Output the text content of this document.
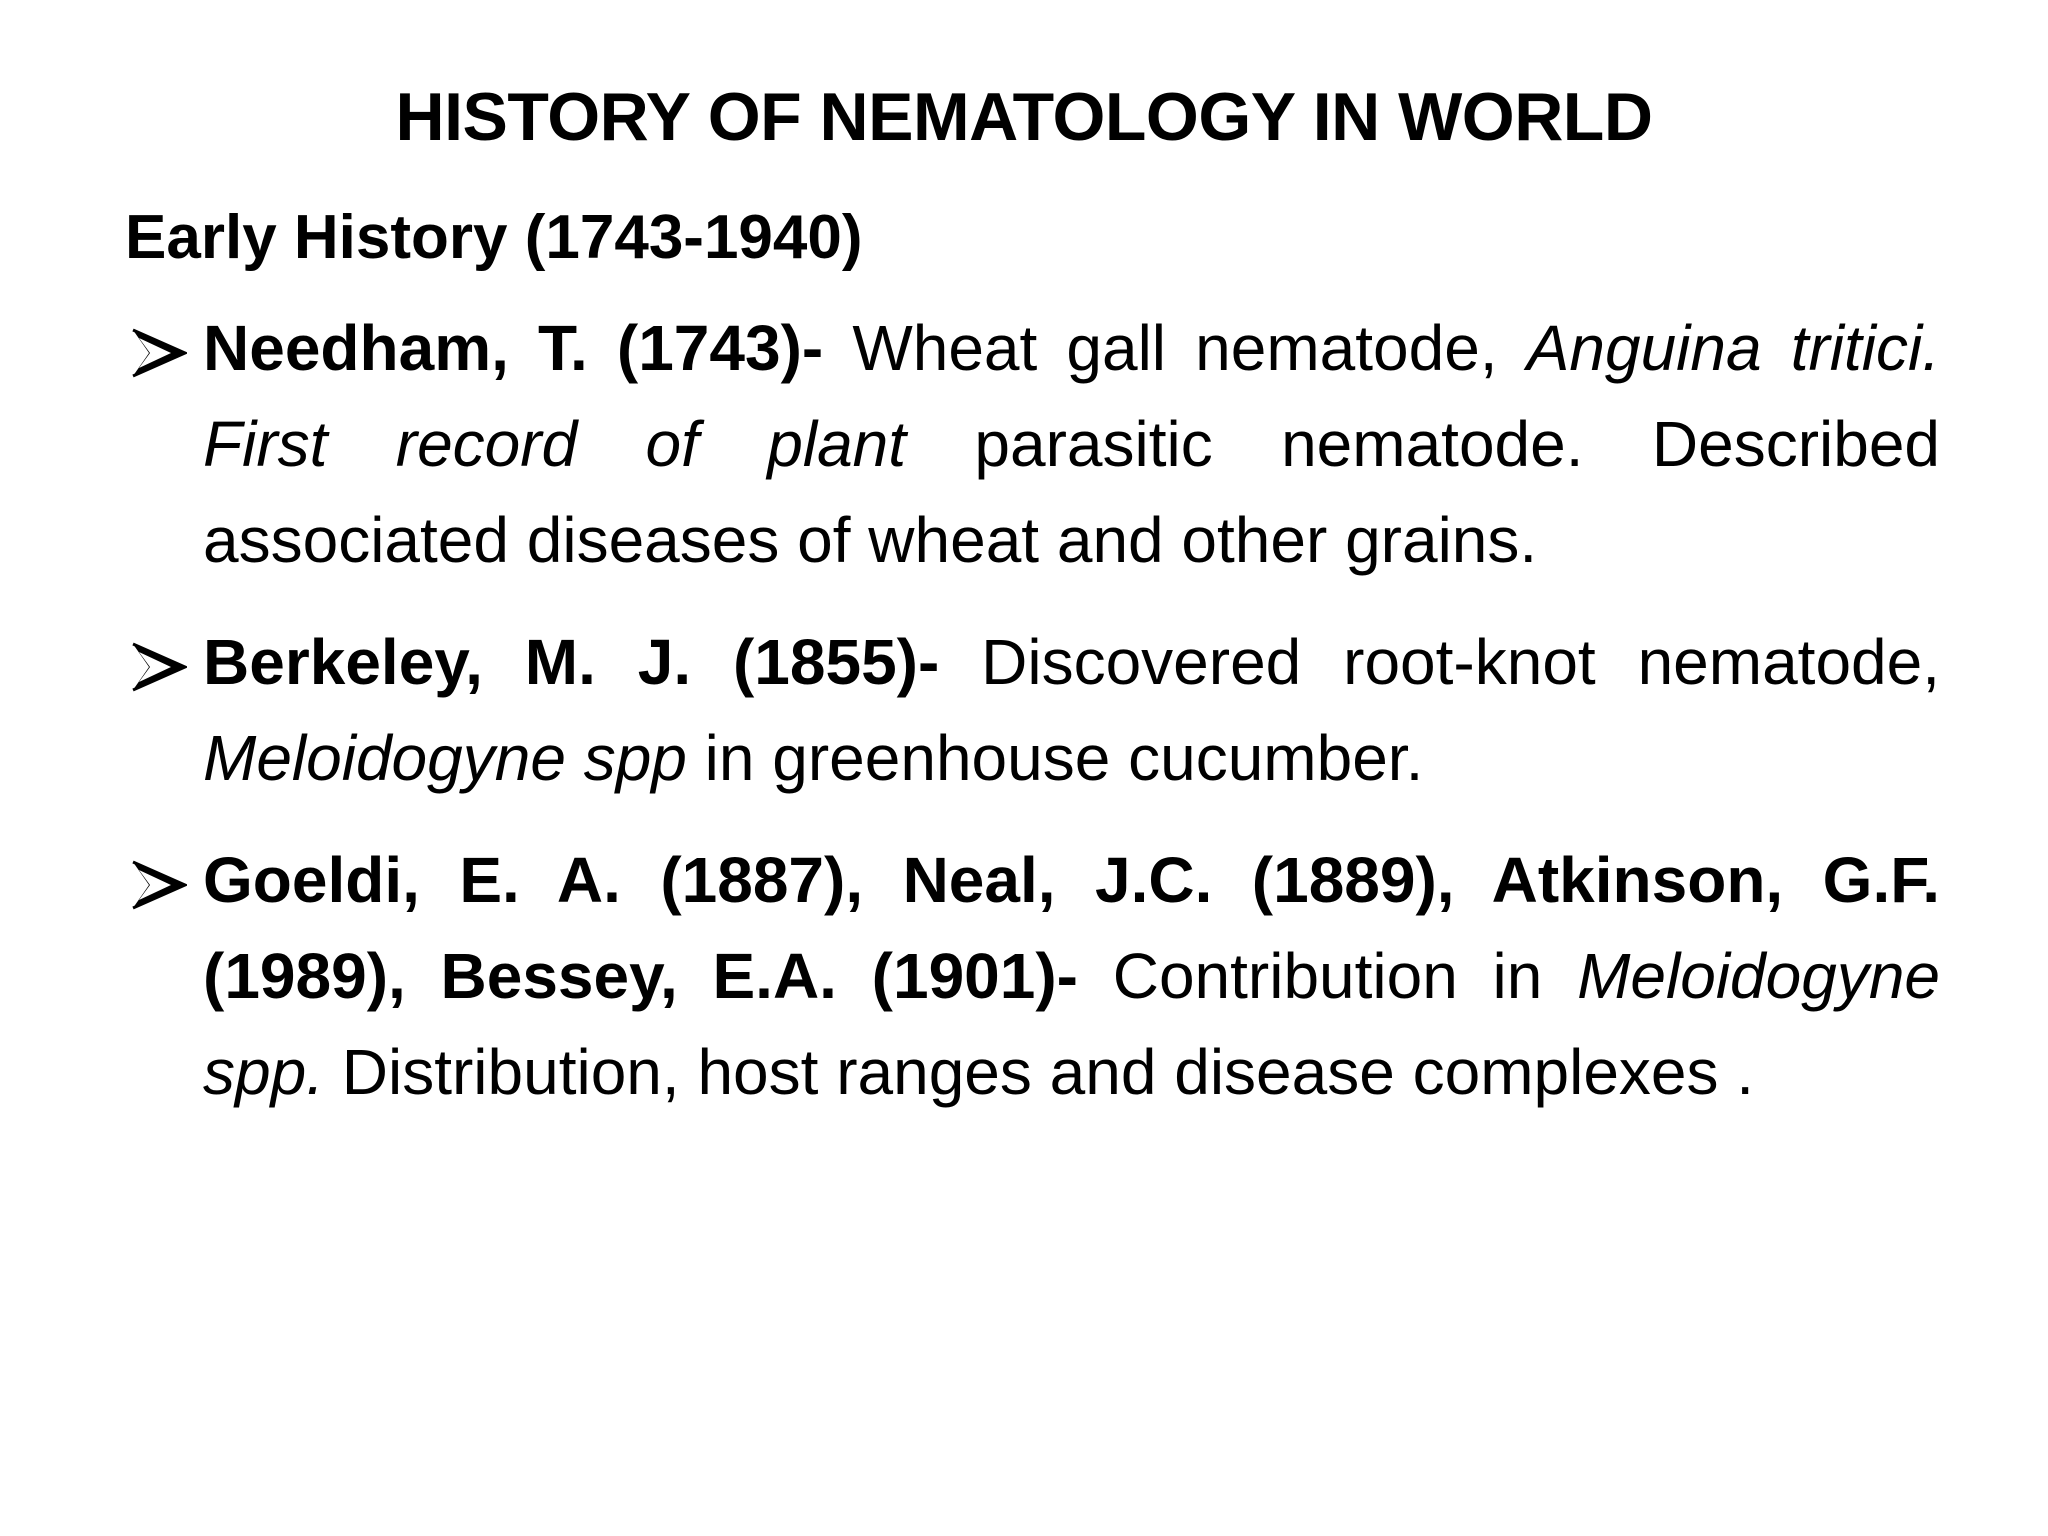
HISTORY OF NEMATOLOGY IN WORLD
Early History (1743-1940)
Needham, T. (1743)- Wheat gall nematode, Anguina tritici. First record of plant parasitic nematode. Described associated diseases of wheat and other grains.
Berkeley, M. J. (1855)- Discovered root-knot nematode, Meloidogyne spp in greenhouse cucumber.
Goeldi, E. A. (1887), Neal, J.C. (1889), Atkinson, G.F. (1989), Bessey, E.A. (1901)- Contribution in Meloidogyne spp. Distribution, host ranges and disease complexes .
